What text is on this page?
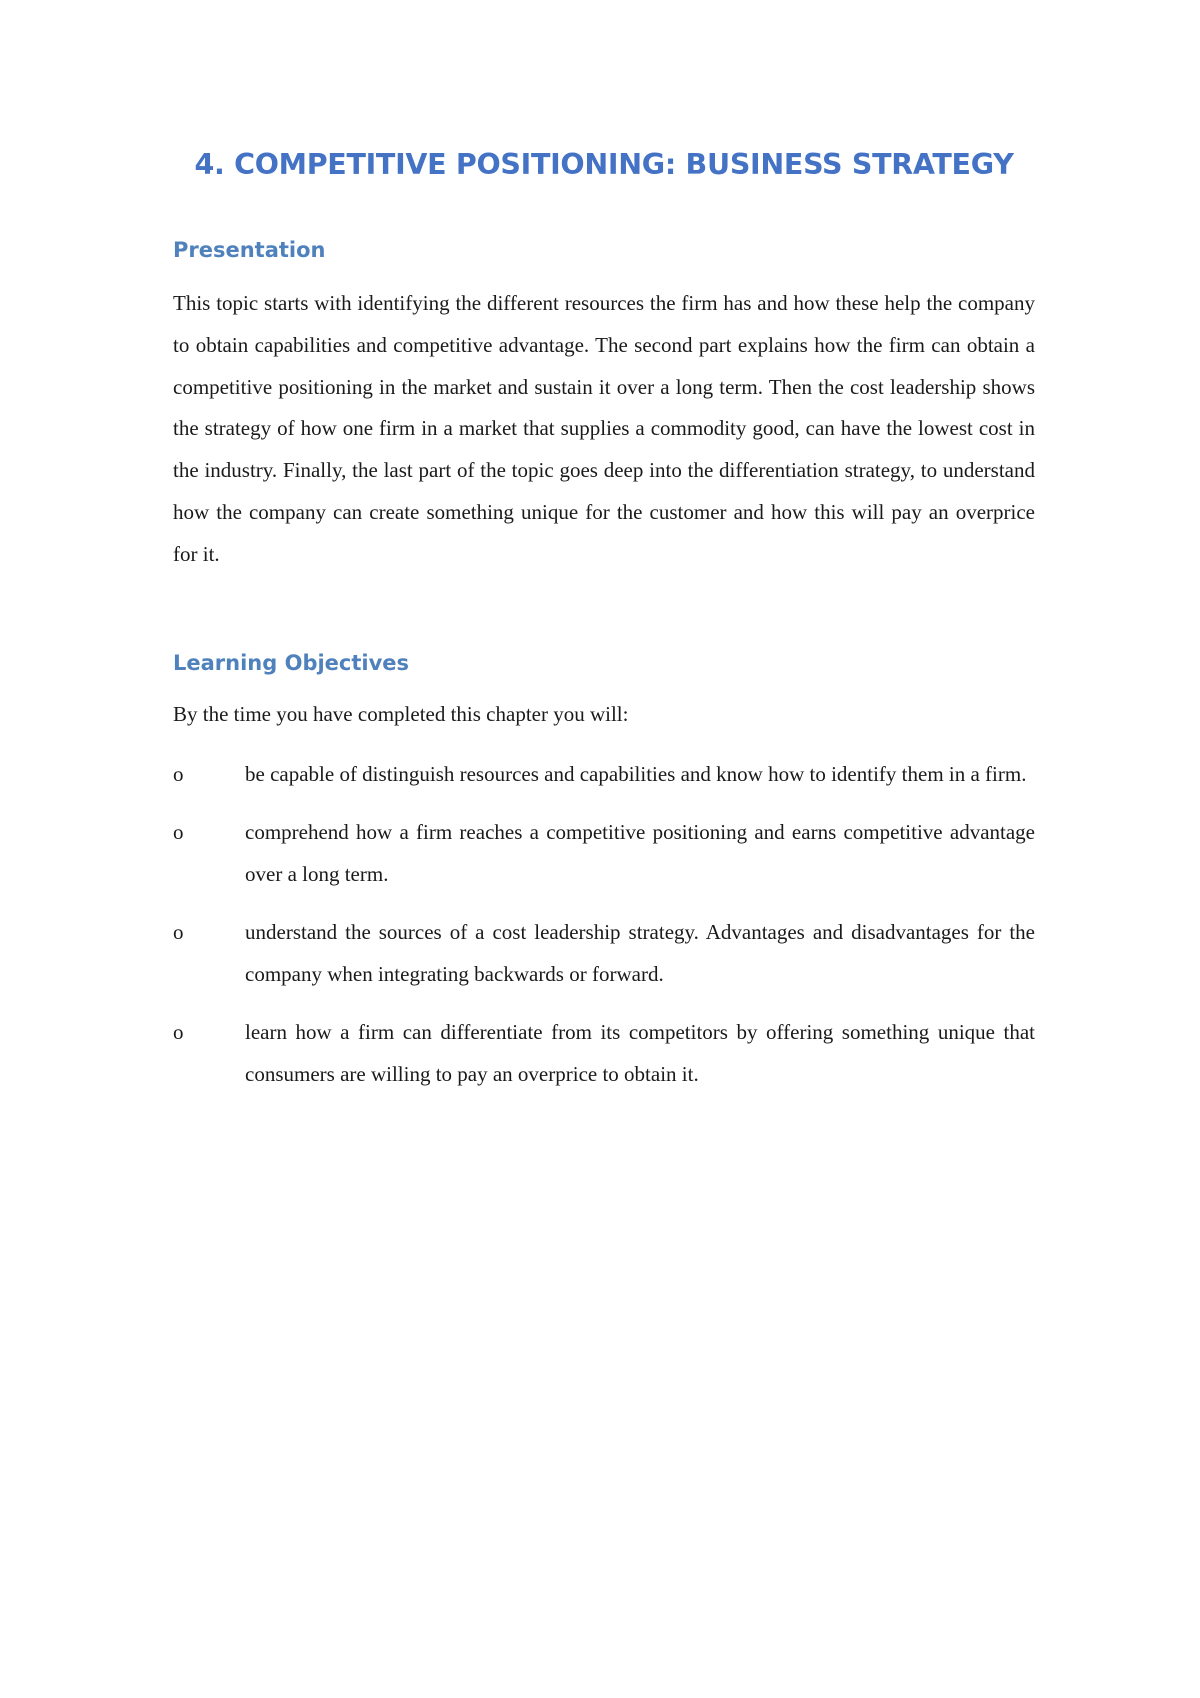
4. COMPETITIVE POSITIONING: BUSINESS STRATEGY
Presentation

This topic starts with identifying the different resources the firm has and how these help the company to obtain capabilities and competitive advantage. The second part explains how the firm can obtain a competitive positioning in the market and sustain it over a long term. Then the cost leadership shows the strategy of how one firm in a market that supplies a commodity good, can have the lowest cost in the industry. Finally, the last part of the topic goes deep into the differentiation strategy, to understand how the company can create something unique for the customer and how this will pay an overprice for it.

Learning Objectives

By the time you have completed this chapter you will:

o	be capable of distinguish resources and capabilities and know how to identify them in a firm.

o	comprehend how a firm reaches a competitive positioning and earns competitive advantage over a long term.

o	understand the sources of a cost leadership strategy. Advantages and disadvantages for the company when integrating backwards or forward.

o	learn how a firm can differentiate from its competitors by offering something unique that consumers are willing to pay an overprice to obtain it.
